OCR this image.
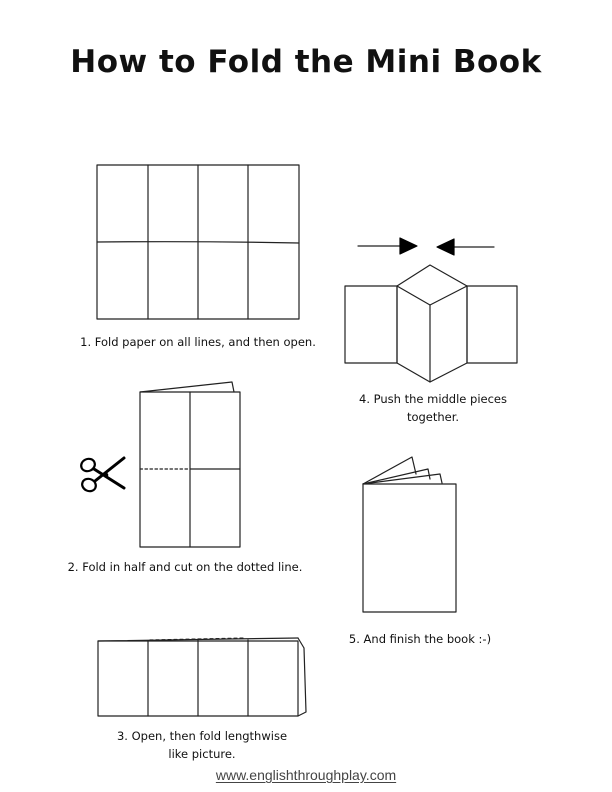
How to Fold the Mini Book
1. Fold paper on all lines, and then open.
2. Fold in half and cut on the dotted line.
3. Open, then fold lengthwise
like picture.
4. Push the middle pieces
together.
5. And finish the book :-)
www.englishthroughplay.com
